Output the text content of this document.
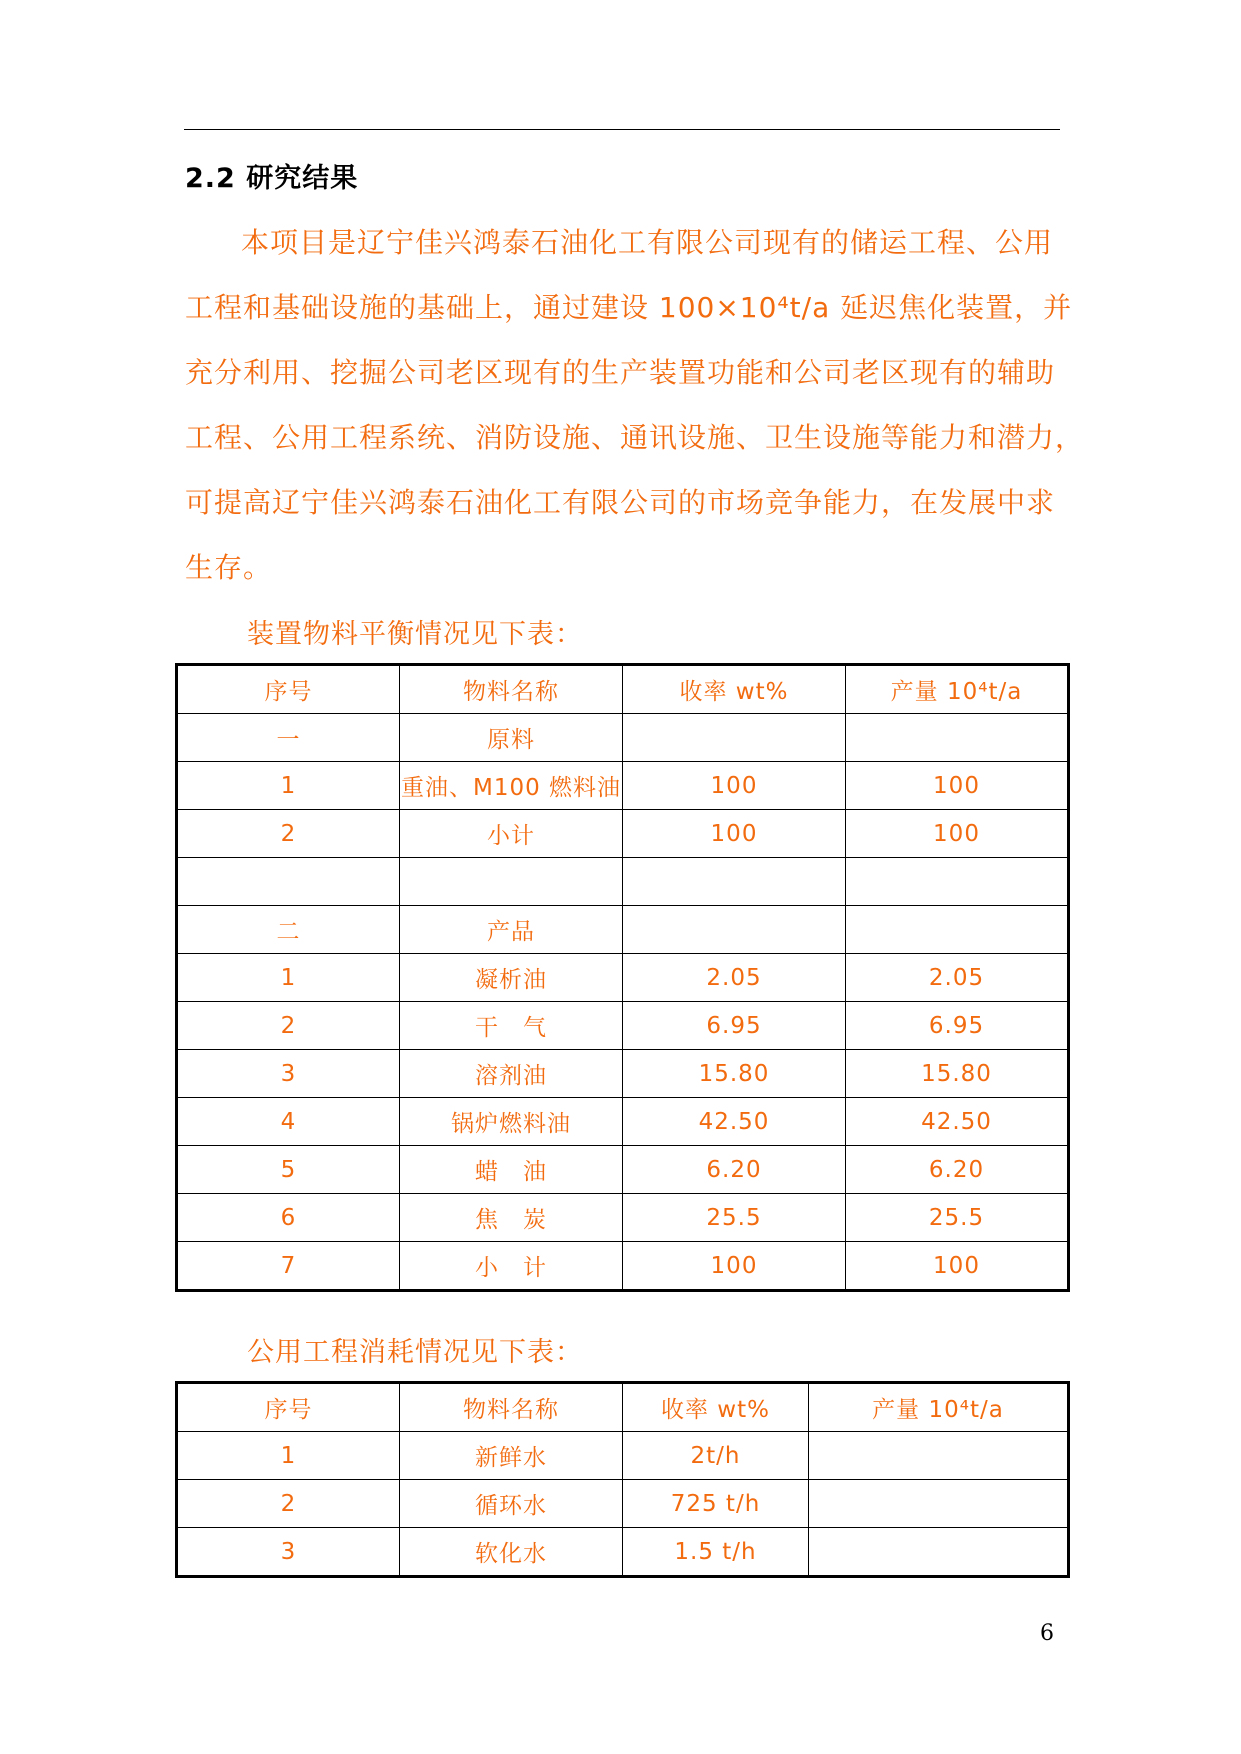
2.2 研究结果
本项目是辽宁佳兴鸿泰石油化工有限公司现有的储运工程、公用
工程和基础设施的基础上，通过建设 100×10⁴t/a 延迟焦化装置，并
充分利用、挖掘公司老区现有的生产装置功能和公司老区现有的辅助
工程、公用工程系统、消防设施、通讯设施、卫生设施等能力和潜力，
可提高辽宁佳兴鸿泰石油化工有限公司的市场竞争能力，在发展中求
生存。
装置物料平衡情况见下表：
序号	物料名称	收率 wt%	产量 10⁴t/a
一	原料		
1	重油、M100 燃料油	100	100
2	小计	100	100

二	产品		
1	凝析油	2.05	2.05
2	干　气	6.95	6.95
3	溶剂油	15.80	15.80
4	锅炉燃料油	42.50	42.50
5	蜡　油	6.20	6.20
6	焦　炭	25.5	25.5
7	小　计	100	100
公用工程消耗情况见下表：
序号	物料名称	收率 wt%	产量 10⁴t/a
1	新鲜水	2t/h	
2	循环水	725 t/h	
3	软化水	1.5 t/h	
6
